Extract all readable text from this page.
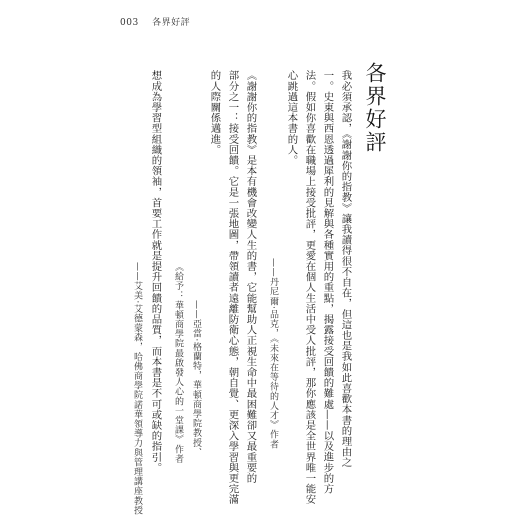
003 各界好評
各界好評
我必須承認，《謝謝你的指教》讓我讀得很不自在，但這也是我如此喜歡本書的理由之
一。史東與西恩透過犀利的見解與各種實用的重點，揭露接受回饋的難處——以及進步的方
法。假如你喜歡在職場上接受批評，更愛在個人生活中受人批評，那你應該是全世界唯一能安
心跳過這本書的人。
——丹尼爾·品克，《未來在等待的人才》作者
《謝謝你的指教》是本有機會改變人生的書，它能幫助人正視生命中最困難卻又最重要的
部分之一：接受回饋。它是一張地圖，帶領讀者遠離防衛心態，朝自覺、更深入學習與更完滿
的人際關係邁進。
——亞當·格蘭特，華頓商學院教授、
《給予：華頓商學院最啟發人心的一堂課》作者
想成為學習型組織的領袖，首要工作就是提升回饋的品質，而本書是不可或缺的指引。
——艾美·艾德蒙森，哈佛商學院諾華領導力與管理講座教授
